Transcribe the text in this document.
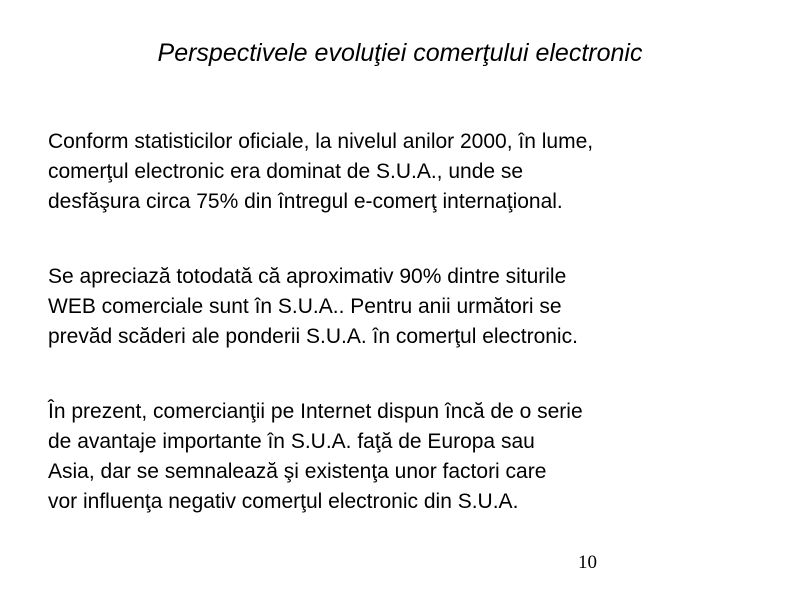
Perspectivele evoluţiei comerţului electronic

Conform statisticilor oficiale, la nivelul anilor 2000, în lume,
comerţul electronic era dominat de S.U.A., unde se
desfăşura circa 75% din întregul e-comerţ internaţional.

Se apreciază totodată că aproximativ 90% dintre siturile
WEB comerciale sunt în S.U.A.. Pentru anii următori se
prevăd scăderi ale ponderii S.U.A. în comerţul electronic.

În prezent, comercianţii pe Internet dispun încă de o serie
de avantaje importante în S.U.A. faţă de Europa sau
Asia, dar se semnalează şi existenţa unor factori care
vor influenţa negativ comerţul electronic din S.U.A.

10
